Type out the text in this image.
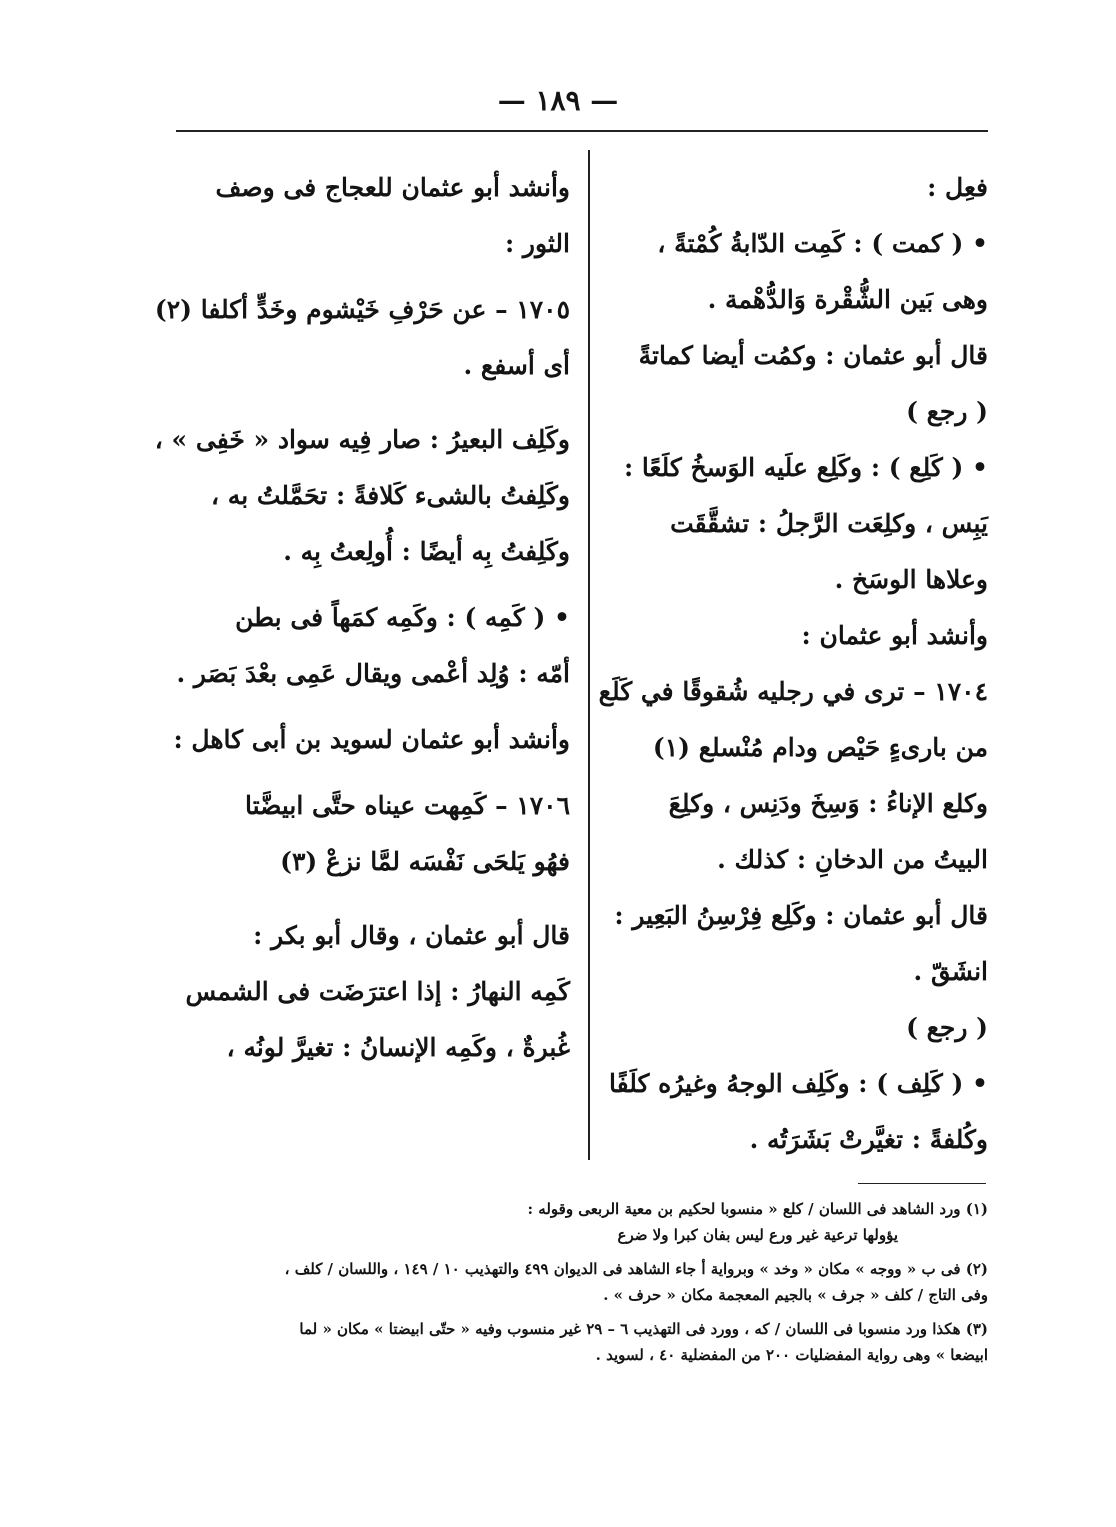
— ١٨٩ —
فعِل :
• ( كمت ) : كَمِت الدّابةُ كُمْتةً ،
وهى بَين الشُّقْرة وَالدُّهْمة .
قال أبو عثمان : وكمُت أيضا كماتةً
( رجع )
• ( كَلِع ) : وكَلِع علَيه الوَسخُ كلَعًا :
يَبِس ، وكلِعَت الرَّجلُ : تشقَّقَت
وعلاها الوسَخ .
وأنشد أبو عثمان :
١٧٠٤ – ترى في رجليه شُقوقًا في كَلَع
من بارىءٍ حَيْص ودام مُنْسلع (١)
وكلع الإناءُ : وَسِخَ ودَنِس ، وكلِعَ
البيتُ من الدخانِ : كذلك .
قال أبو عثمان : وكَلِع فِرْسِنُ البَعِير :
انشَقّ .
( رجع )
• ( كَلِف ) : وكَلِف الوجهُ وغيرُه كلَفًا
وكُلفةً : تغيَّرتْ بَشَرَتُه .
وأنشد أبو عثمان للعجاج فى وصف
الثور :
١٧٠٥ – عن حَرْفِ خَيْشوم وخَدٍّ أكلفا (٢)
أى أسفع .
وكَلِف البعيرُ : صار فِيه سواد « خَفِى » ،
وكَلِفتُ بالشىء كَلافةً : تحَمَّلتُ به ،
وكَلِفتُ بِه أيضًا : أُولِعتُ بِه .
• ( كَمِه ) : وكَمِه كمَهاً فى بطن
أمّه : وُلِد أعْمى ويقال عَمِى بعْدَ بَصَر .
وأنشد أبو عثمان لسويد بن أبى كاهل :
١٧٠٦ – كَمِهت عيناه حتَّى ابيضَّتا
فهُو يَلحَى نَفْسَه لمَّا نزعْ (٣)
قال أبو عثمان ، وقال أبو بكر :
كَمِه النهارُ : إذا اعترَضَت فى الشمس
غُبرةٌ ، وكَمِه الإنسانُ : تغيرَّ لونُه ،
(١) ورد الشاهد فى اللسان / كلع « منسوبا لحكيم بن معية الربعى وقوله :
يؤولها ترعية غير ورع ليس بفان كبرا ولا ضرع
(٢) فى ب « ووجه » مكان « وخد » وبرواية أ جاء الشاهد فى الديوان ٤٩٩ والتهذيب ١٠ / ١٤٩ ، واللسان / كلف ،
وفى التاج / كلف « جرف » بالجيم المعجمة مكان « حرف » .
(٣) هكذا ورد منسوبا فى اللسان / كه ، وورد فى التهذيب ٦ – ٢٩ غير منسوب وفيه « حتّى ابيضتا » مكان « لما
ابيضعا » وهى رواية المفضليات ٢٠٠ من المفضلية ٤٠ ، لسويد .
